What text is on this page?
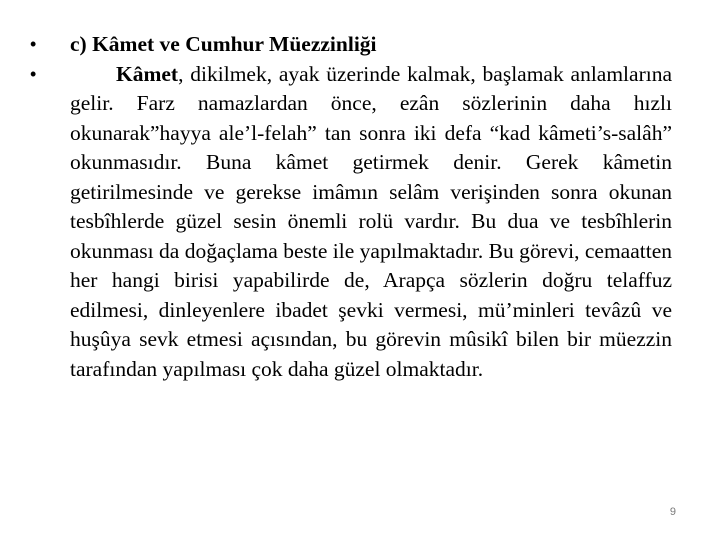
•	c) Kâmet ve Cumhur Müezzinliği
•	Kâmet, dikilmek, ayak üzerinde kalmak, başlamak anlamlarına gelir. Farz namazlardan önce, ezân sözlerinin daha hızlı okunarak”hayya ale’l-felah” tan sonra iki defa “kad kâmeti’s-salâh” okunmasıdır. Buna kâmet getirmek denir. Gerek kâmetin getirilmesinde ve gerekse imâmın selâm verişinden sonra okunan tesbîhlerde güzel sesin önemli rolü vardır. Bu dua ve tesbîhlerin okunması da doğaçlama beste ile yapılmaktadır. Bu görevi, cemaatten her hangi birisi yapabilirde de, Arapça sözlerin doğru telaffuz edilmesi, dinleyenlere ibadet şevki vermesi, mü’minleri tevâzû ve huşûya sevk etmesi açısından, bu görevin mûsikî bilen bir müezzin tarafından yapılması çok daha güzel olmaktadır.
9
